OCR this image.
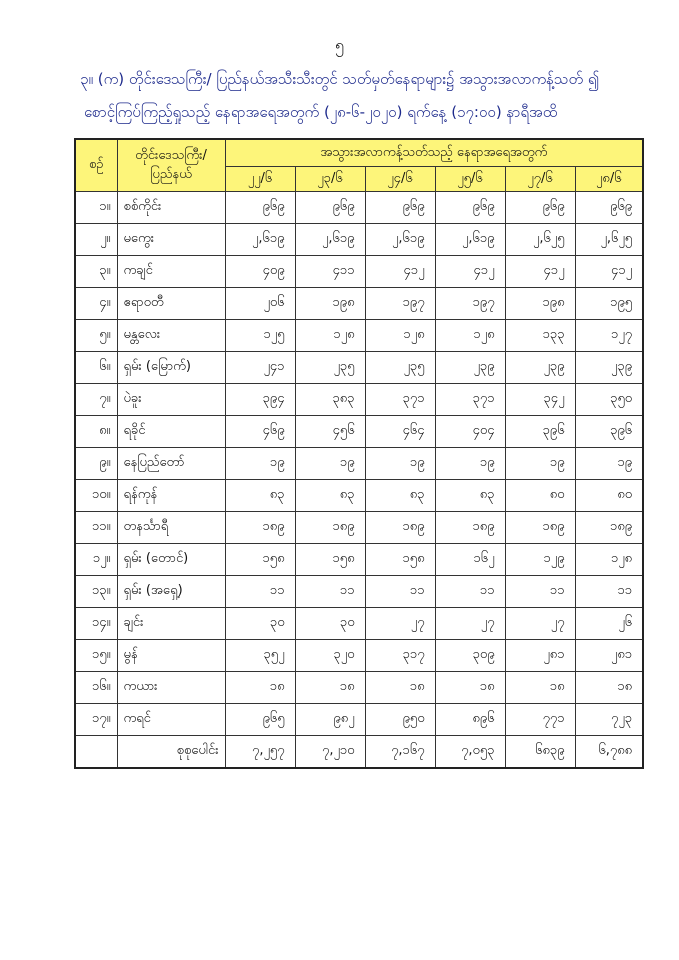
၅
၃။ (က) တိုင်းဒေသကြီး/ ပြည်နယ်အသီးသီးတွင် သတ်မှတ်နေရာများ၌ အသွားအလာကန့်သတ် ၍
စောင့်ကြပ်ကြည့်ရှုသည့် နေရာအရေအတွက် (၂၈-၆-၂၀၂၀) ရက်နေ့ (၁၇:၀၀) နာရီအထိ
စဉ်	တိုင်းဒေသကြီး/ ပြည်နယ်	အသွားအလာကန့်သတ်သည့် နေရာအရေအတွက်					
		၂၂/၆	၂၃/၆	၂၄/၆	၂၅/၆	၂၇/၆	၂၈/၆
၁။	စစ်ကိုင်း	၉၆၉	၉၆၉	၉၆၉	၉၆၉	၉၆၉	၉၆၉
၂။	မကွေး	၂,၆၁၉	၂,၆၁၉	၂,၆၁၉	၂,၆၁၉	၂,၆၂၅	၂,၆၂၅
၃။	ကချင်	၄၀၉	၄၁၁	၄၁၂	၄၁၂	၄၁၂	၄၁၂
၄။	ဧရာဝတီ	၂၀၆	၁၉၈	၁၉၇	၁၉၇	၁၉၈	၁၉၅
၅။	မန္တလေး	၁၂၅	၁၂၈	၁၂၈	၁၂၈	၁၃၃	၁၂၇
၆။	ရှမ်း (မြောက်)	၂၄၁	၂၃၅	၂၃၅	၂၃၉	၂၃၉	၂၃၉
၇။	ပဲခူး	၃၉၄	၃၈၃	၃၇၁	၃၇၁	၃၄၂	၃၅၀
၈။	ရခိုင်	၄၆၉	၄၅၆	၄၆၄	၄၀၄	၃၉၆	၃၉၆
၉။	နေပြည်တော်	၁၉	၁၉	၁၉	၁၉	၁၉	၁၉
၁၀။	ရန်ကုန်	၈၃	၈၃	၈၃	၈၃	၈၀	၈၀
၁၁။	တနင်္သာရီ	၁၈၉	၁၈၉	၁၈၉	၁၈၉	၁၈၉	၁၈၉
၁၂။	ရှမ်း (တောင်)	၁၅၈	၁၅၈	၁၅၈	၁၆၂	၁၂၉	၁၂၈
၁၃။	ရှမ်း (အရှေ့)	၁၁	၁၁	၁၁	၁၁	၁၁	၁၁
၁၄။	ချင်း	၃၀	၃၀	၂၇	၂၇	၂၇	၂၆
၁၅။	မွန်	၃၅၂	၃၂၀	၃၁၇	၃၀၉	၂၈၁	၂၈၁
၁၆။	ကယား	၁၈	၁၈	၁၈	၁၈	၁၈	၁၈
၁၇။	ကရင်	၉၆၅	၉၈၂	၉၅၀	၈၉၆	၇၇၁	၇၂၃
	စုစုပေါင်း	၇,၂၅၇	၇,၂၁၀	၇,၁၆၇	၇,၀၅၃	၆၈၃၉	၆,၇၈၈
